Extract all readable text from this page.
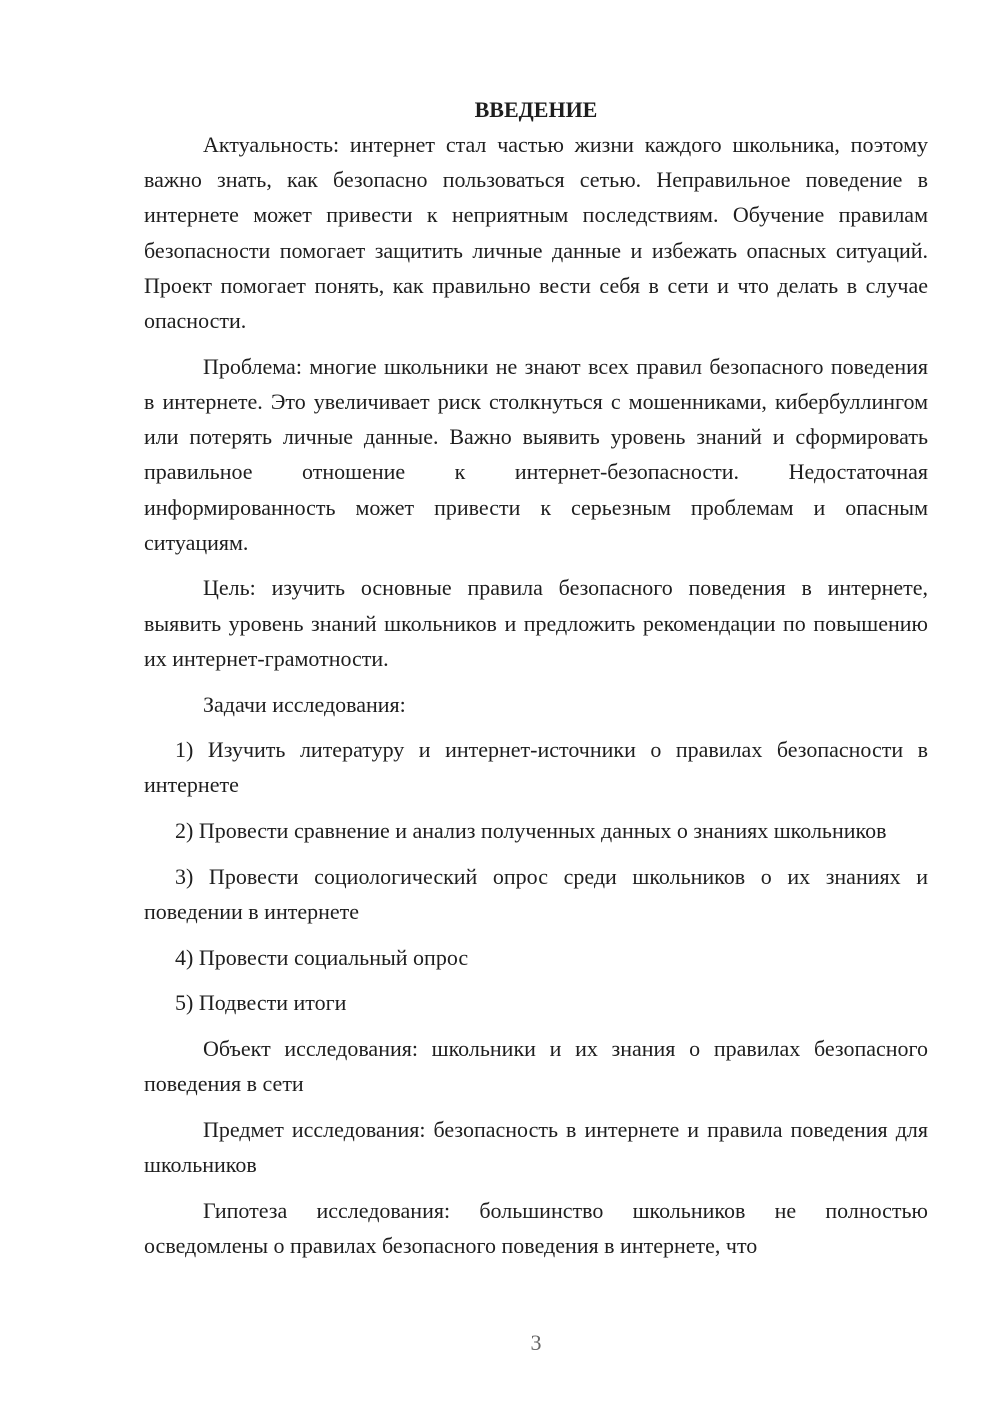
ВВЕДЕНИЕ

Актуальность: интернет стал частью жизни каждого школьника, поэтому важно знать, как безопасно пользоваться сетью. Неправильное поведение в интернете может привести к неприятным последствиям. Обучение правилам безопасности помогает защитить личные данные и избежать опасных ситуаций. Проект помогает понять, как правильно вести себя в сети и что делать в случае опасности.

Проблема: многие школьники не знают всех правил безопасного поведения в интернете. Это увеличивает риск столкнуться с мошенниками, кибербуллингом или потерять личные данные. Важно выявить уровень знаний и сформировать правильное отношение к интернет-безопасности. Недостаточная информированность может привести к серьезным проблемам и опасным ситуациям.

Цель: изучить основные правила безопасного поведения в интернете, выявить уровень знаний школьников и предложить рекомендации по повышению их интернет-грамотности.

Задачи исследования:

1) Изучить литературу и интернет-источники о правилах безопасности в интернете

2) Провести сравнение и анализ полученных данных о знаниях школьников

3) Провести социологический опрос среди школьников о их знаниях и поведении в интернете

4) Провести социальный опрос

5) Подвести итоги

Объект исследования: школьники и их знания о правилах безопасного поведения в сети

Предмет исследования: безопасность в интернете и правила поведения для школьников

Гипотеза исследования: большинство школьников не полностью осведомлены о правилах безопасного поведения в интернете, что

3
